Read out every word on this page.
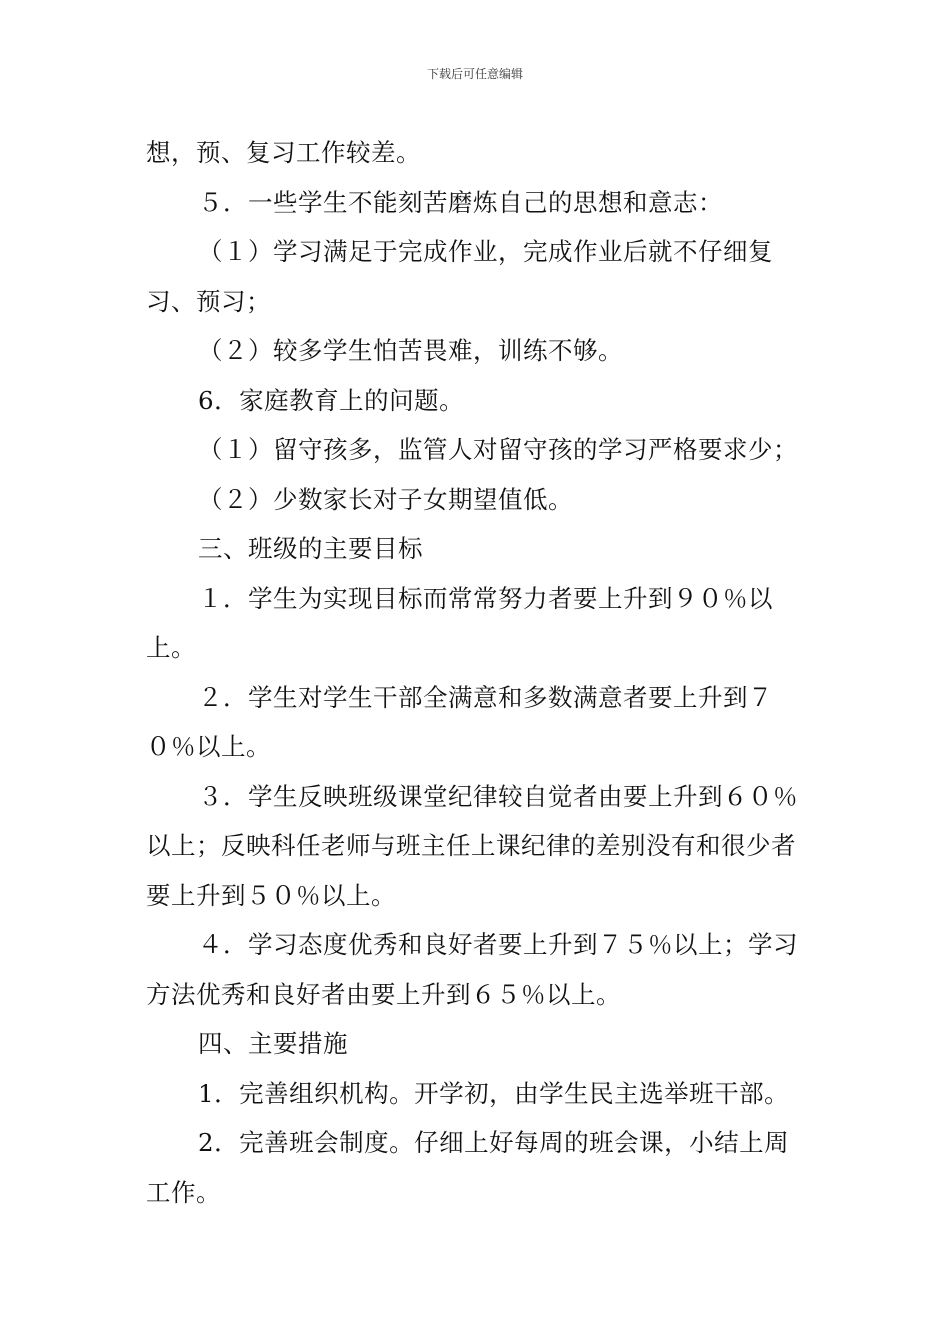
下载后可任意编辑

想，预、复习工作较差。

５．一些学生不能刻苦磨炼自己的思想和意志：

（１）学习满足于完成作业，完成作业后就不仔细复习、预习；

（２）较多学生怕苦畏难，训练不够。

6．家庭教育上的问题。

（１）留守孩多，监管人对留守孩的学习严格要求少；

（２）少数家长对子女期望值低。

三、班级的主要目标

１．学生为实现目标而常常努力者要上升到９０％以上。

２．学生对学生干部全满意和多数满意者要上升到７０％以上。

３．学生反映班级课堂纪律较自觉者由要上升到６０％以上；反映科任老师与班主任上课纪律的差别没有和很少者要上升到５０％以上。

４．学习态度优秀和良好者要上升到７５％以上；学习方法优秀和良好者由要上升到６５％以上。

四、主要措施

1．完善组织机构。开学初，由学生民主选举班干部。

2．完善班会制度。仔细上好每周的班会课，小结上周工作。
